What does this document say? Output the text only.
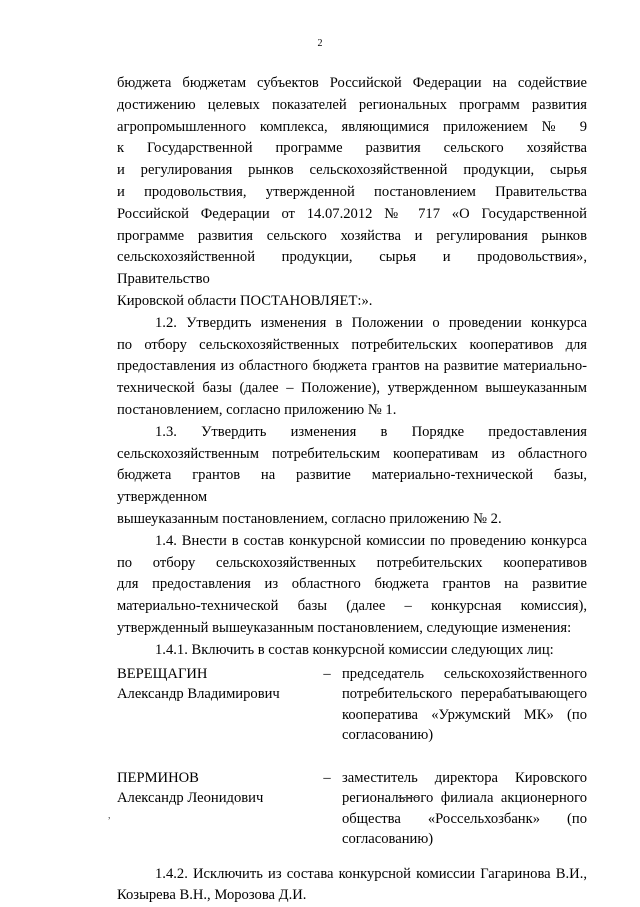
2

бюджета бюджетам субъектов Российской Федерации на содействие
достижению целевых показателей региональных программ развития
агропромышленного комплекса, являющимися приложением № 9
к Государственной программе развития сельского хозяйства
и регулирования рынков сельскохозяйственной продукции, сырья
и продовольствия, утвержденной постановлением Правительства
Российской Федерации от 14.07.2012 № 717 «О Государственной
программе развития сельского хозяйства и регулирования рынков
сельскохозяйственной продукции, сырья и продовольствия», Правительство
Кировской области ПОСТАНОВЛЯЕТ:».

1.2. Утвердить изменения в Положении о проведении конкурса
по отбору сельскохозяйственных потребительских кооперативов для
предоставления из областного бюджета грантов на развитие материально-
технической базы (далее – Положение), утвержденном вышеуказанным
постановлением, согласно приложению № 1.

1.3. Утвердить изменения в Порядке предоставления
сельскохозяйственным потребительским кооперативам из областного
бюджета грантов на развитие материально-технической базы, утвержденном
вышеуказанным постановлением, согласно приложению № 2.

1.4. Внести в состав конкурсной комиссии по проведению конкурса
по отбору сельскохозяйственных потребительских кооперативов
для предоставления из областного бюджета грантов на развитие
материально-технической базы (далее – конкурсная комиссия),
утвержденный вышеуказанным постановлением, следующие изменения:

1.4.1. Включить в состав конкурсной комиссии следующих лиц:

ВЕРЕЩАГИН
Александр Владимирович
– председатель сельскохозяйственного
потребительского перерабатывающего
кооператива «Уржумский МК» (по
согласованию)
ПЕРМИНОВ
Александр Леонидович
– заместитель директора Кировского
регионального филиала акционерного
общества «Россельхозбанк» (по
согласованию)

1.4.2. Исключить из состава конкурсной комиссии Гагаринова В.И.,

Козырева В.Н., Морозова Д.И.

,
